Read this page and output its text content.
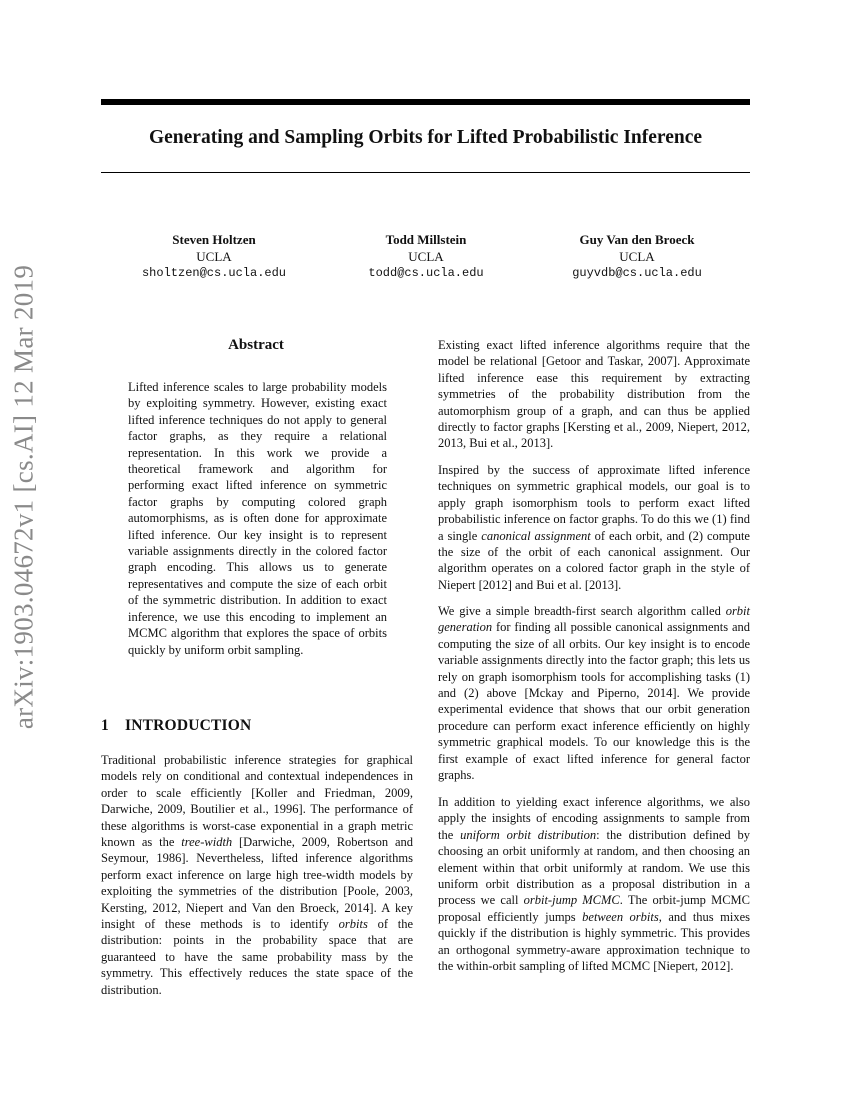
Generating and Sampling Orbits for Lifted Probabilistic Inference
Steven Holtzen
UCLA
sholtzen@cs.ucla.edu
Todd Millstein
UCLA
todd@cs.ucla.edu
Guy Van den Broeck
UCLA
guyvdb@cs.ucla.edu
arXiv:1903.04672v1 [cs.AI] 12 Mar 2019	Abstract
Lifted inference scales to large probability models by exploiting symmetry. However, existing exact lifted inference techniques do not apply to general factor graphs, as they require a relational representation. In this work we provide a theoretical framework and algorithm for performing exact lifted inference on symmetric factor graphs by computing colored graph automorphisms, as is often done for approximate lifted inference. Our key insight is to represent variable assignments directly in the colored factor graph encoding. This allows us to generate representatives and compute the size of each orbit of the symmetric distribution. In addition to exact inference, we use this encoding to implement an MCMC algorithm that explores the space of orbits quickly by uniform orbit sampling.
1 INTRODUCTION
Traditional probabilistic inference strategies for graphical models rely on conditional and contextual independences in order to scale efficiently [Koller and Friedman, 2009, Darwiche, 2009, Boutilier et al., 1996]. The performance of these algorithms is worst-case exponential in a graph metric known as the tree-width [Darwiche, 2009, Robertson and Seymour, 1986]. Nevertheless, lifted inference algorithms perform exact inference on large high tree-width models by exploiting the symmetries of the distribution [Poole, 2003, Kersting, 2012, Niepert and Van den Broeck, 2014]. A key insight of these methods is to identify orbits of the distribution: points in the probability space that are guaranteed to have the same probability mass by the symmetry. This effectively reduces the state space of the distribution.
Existing exact lifted inference algorithms require that the model be relational [Getoor and Taskar, 2007]. Approximate lifted inference ease this requirement by extracting symmetries of the probability distribution from the automorphism group of a graph, and can thus be applied directly to factor graphs [Kersting et al., 2009, Niepert, 2012, 2013, Bui et al., 2013].
Inspired by the success of approximate lifted inference techniques on symmetric graphical models, our goal is to apply graph isomorphism tools to perform exact lifted probabilistic inference on factor graphs. To do this we (1) find a single canonical assignment of each orbit, and (2) compute the size of the orbit of each canonical assignment. Our algorithm operates on a colored factor graph in the style of Niepert [2012] and Bui et al. [2013].
We give a simple breadth-first search algorithm called orbit generation for finding all possible canonical assignments and computing the size of all orbits. Our key insight is to encode variable assignments directly into the factor graph; this lets us rely on graph isomorphism tools for accomplishing tasks (1) and (2) above [Mckay and Piperno, 2014]. We provide experimental evidence that shows that our orbit generation procedure can perform exact inference efficiently on highly symmetric graphical models. To our knowledge this is the first example of exact lifted inference for general factor graphs.
In addition to yielding exact inference algorithms, we also apply the insights of encoding assignments to sample from the uniform orbit distribution: the distribution defined by choosing an orbit uniformly at random, and then choosing an element within that orbit uniformly at random. We use this uniform orbit distribution as a proposal distribution in a process we call orbit-jump MCMC. The orbit-jump MCMC proposal efficiently jumps between orbits, and thus mixes quickly if the distribution is highly symmetric. This provides an orthogonal symmetry-aware approximation technique to the within-orbit sampling of lifted MCMC [Niepert, 2012].
